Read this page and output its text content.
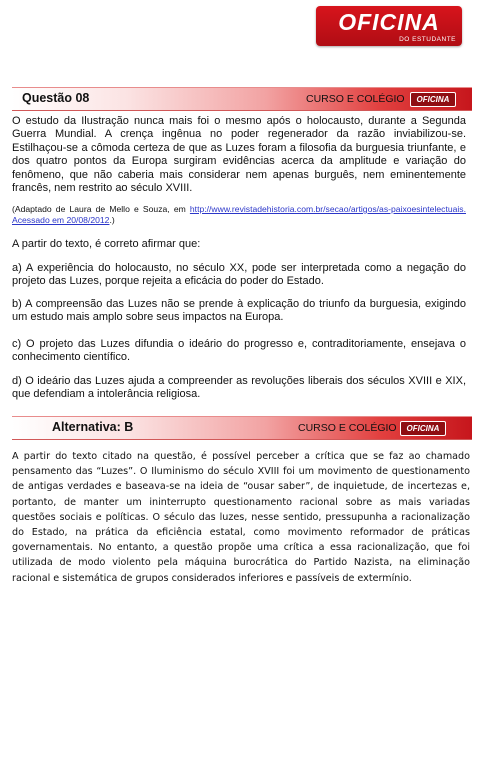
OFICINA
DO ESTUDANTE
Questão 08	CURSO E COLÉGIO	OFICINA
O estudo da Ilustração nunca mais foi o mesmo após o holocausto, durante a Segunda Guerra Mundial. A crença ingênua no poder regenerador da razão inviabilizou-se. Estilhaçou-se a cômoda certeza de que as Luzes foram a filosofia da burguesia triunfante, e dos quatro pontos da Europa surgiram evidências acerca da amplitude e variação do fenômeno, que não caberia mais considerar nem apenas burguês, nem eminentemente francês, nem restrito ao século XVIII.
(Adaptado de Laura de Mello e Souza, em http://www.revistadehistoria.com.br/secao/artigos/as-paixoesintelectuais. Acessado em 20/08/2012.)
A partir do texto, é correto afirmar que:
a) A experiência do holocausto, no século XX, pode ser interpretada como a negação do projeto das Luzes, porque rejeita a eficácia do poder do Estado.
b) A compreensão das Luzes não se prende à explicação do triunfo da burguesia, exigindo um estudo mais amplo sobre seus impactos na Europa.
c) O projeto das Luzes difundia o ideário do progresso e, contraditoriamente, ensejava o conhecimento científico.
d) O ideário das Luzes ajuda a compreender as revoluções liberais dos séculos XVIII e XIX, que defendiam a intolerância religiosa.
Alternativa: B	CURSO E COLÉGIO	OFICINA
A partir do texto citado na questão, é possível perceber a crítica que se faz ao chamado pensamento das “Luzes”. O Iluminismo do século XVIII foi um movimento de questionamento de antigas verdades e baseava-se na ideia de “ousar saber”, de inquietude, de incertezas e, portanto, de manter um ininterrupto questionamento racional sobre as mais variadas questões sociais e políticas. O século das luzes, nesse sentido, pressupunha a racionalização do Estado, na prática da eficiência estatal, como movimento reformador de práticas governamentais. No entanto, a questão propõe uma crítica a essa racionalização, que foi utilizada de modo violento pela máquina burocrática do Partido Nazista, na eliminação racional e sistemática de grupos considerados inferiores e passíveis de extermínio.
